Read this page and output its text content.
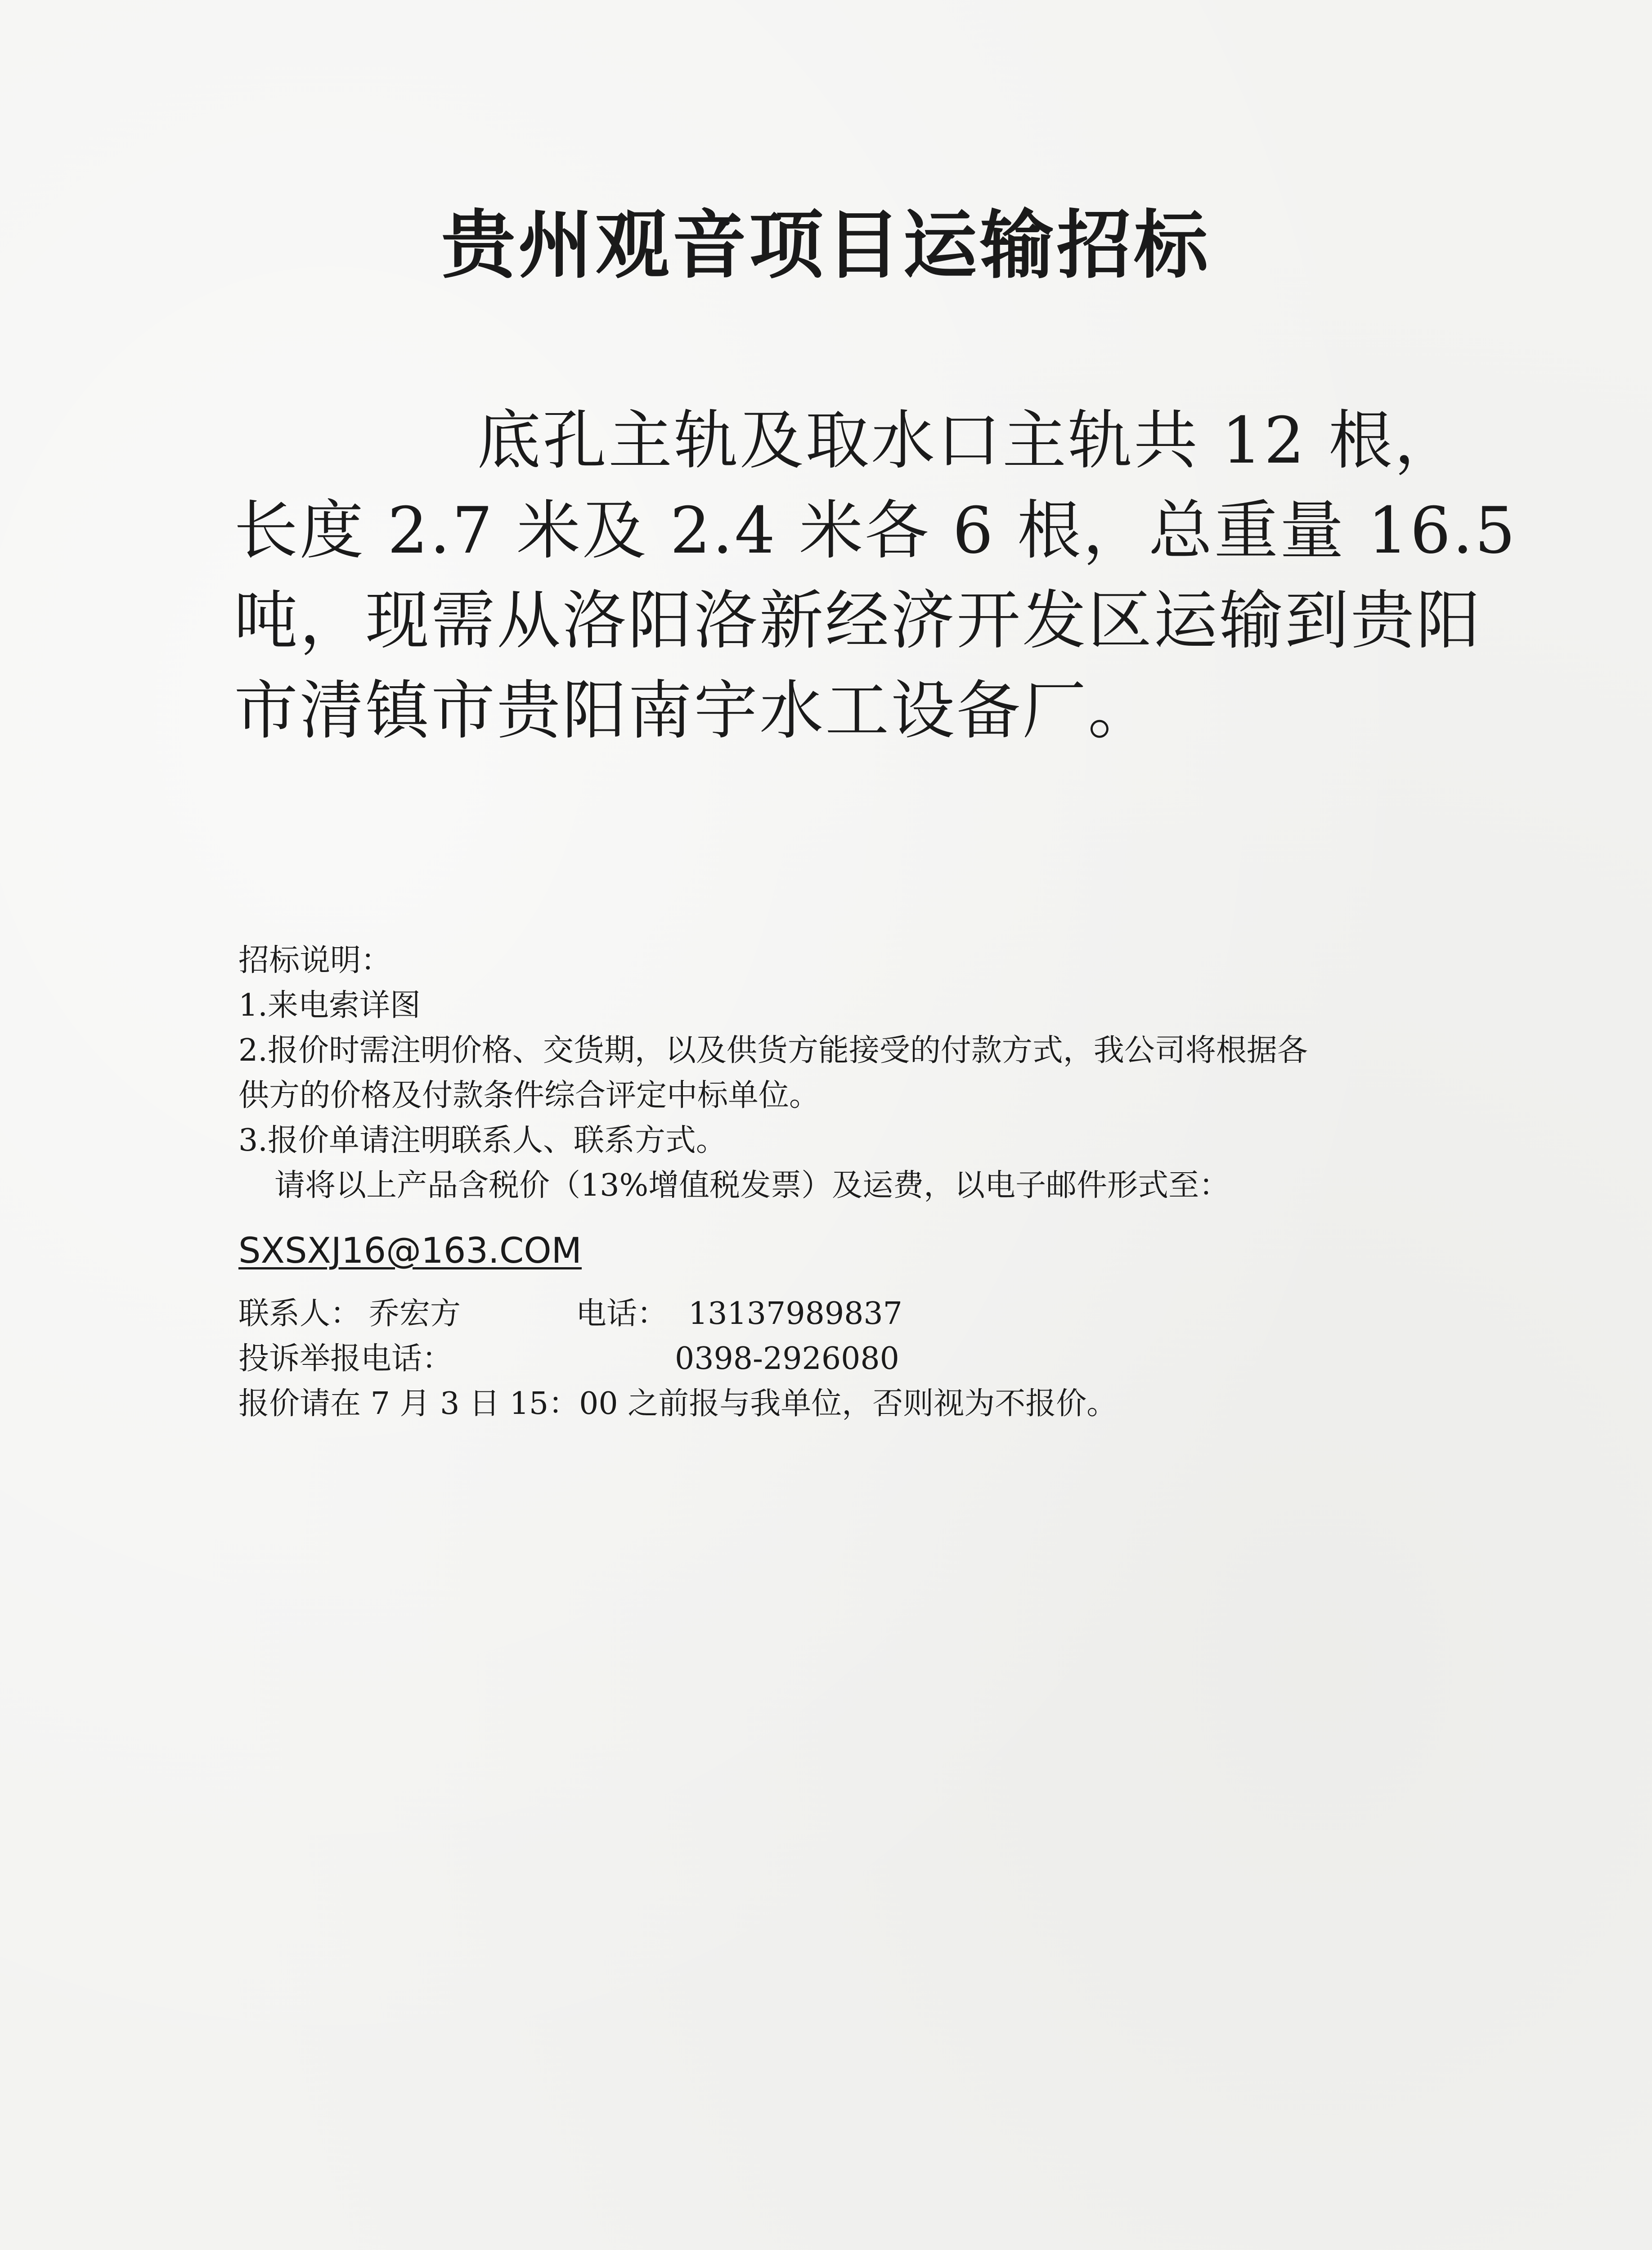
贵州观音项目运输招标
底孔主轨及取水口主轨共 12 根，
长度 2.7 米及 2.4 米各 6 根，总重量 16.5
吨，现需从洛阳洛新经济开发区运输到贵阳
市清镇市贵阳南宇水工设备厂。
招标说明：
1.来电索详图
2.报价时需注明价格、交货期，以及供货方能接受的付款方式，我公司将根据各
供方的价格及付款条件综合评定中标单位。
3.报价单请注明联系人、联系方式。
请将以上产品含税价（13%增值税发票）及运费，以电子邮件形式至：
SXSXJ16@163.COM
联系人： 乔宏方	电话： 13137989837
投诉举报电话：	0398-2926080
报价请在 7 月 3 日 15：00 之前报与我单位，否则视为不报价。
